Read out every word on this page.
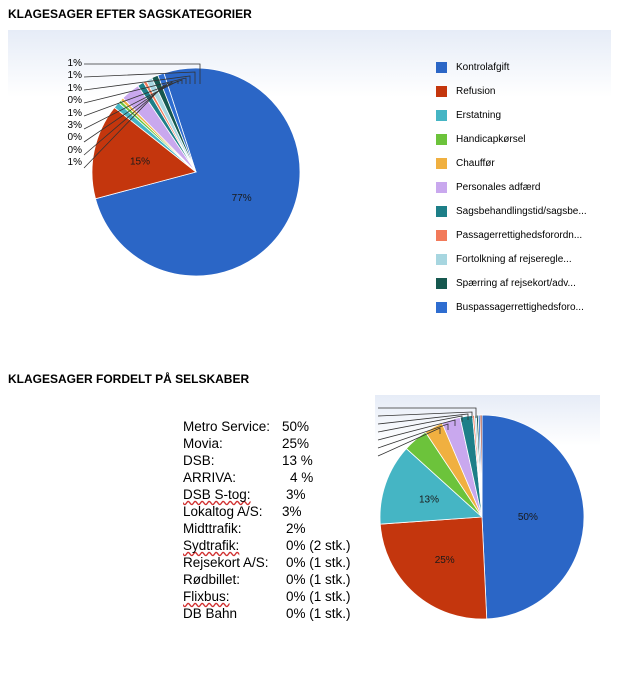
KLAGESAGER EFTER SAGSKATEGORIER
77%
15%
1%
1%
1%
0%
1%
3%
0%
0%
1%
Kontrolafgift
Refusion
Erstatning
Handicapkørsel
Chauffør
Personales adfærd
Sagsbehandlingstid/sagsbe...
Passagerrettighedsforordn...
Fortolkning af rejseregle...
Spærring af rejsekort/adv...
Buspassagerrettighedsforo...
KLAGESAGER FORDELT PÅ SELSKABER
Metro Service: 50%
Movia:	25%
DSB:	13 %
ARRIVA:	4 %
DSB S-tog:	3%
Lokaltog A/S: 3%
Midttrafik:	2%
Sydtrafik:	0% (2 stk.)
Rejsekort A/S: 0% (1 stk.)
Rødbillet:	0% (1 stk.)
Flixbus:	0% (1 stk.)
DB Bahn	0% (1 stk.)
50%
25%
13%
